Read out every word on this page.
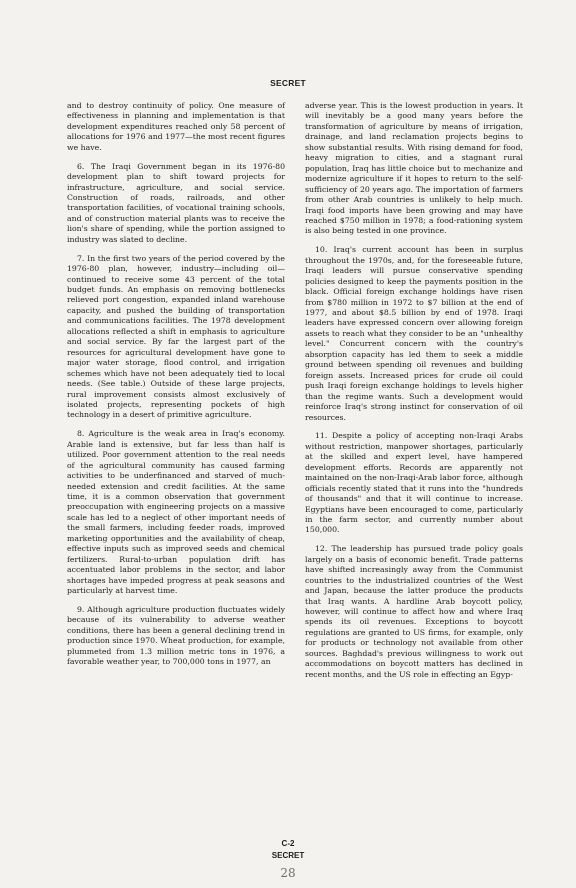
SECRET

and to destroy continuity of policy. One measure of effectiveness in planning and implementation is that development expenditures reached only 58 percent of allocations for 1976 and 1977—the most recent figures we have.

6. The Iraqi Government began in its 1976-80 development plan to shift toward projects for infrastructure, agriculture, and social service. Construction of roads, railroads, and other transportation facilities, of vocational training schools, and of construction material plants was to receive the lion's share of spending, while the portion assigned to industry was slated to decline.

7. In the first two years of the period covered by the 1976-80 plan, however, industry—including oil—continued to receive some 43 percent of the total budget funds. An emphasis on removing bottlenecks relieved port congestion, expanded inland warehouse capacity, and pushed the building of transportation and communications facilities. The 1978 development allocations reflected a shift in emphasis to agriculture and social service. By far the largest part of the resources for agricultural development have gone to major water storage, flood control, and irrigation schemes which have not been adequately tied to local needs. (See table.) Outside of these large projects, rural improvement consists almost exclusively of isolated projects, representing pockets of high technology in a desert of primitive agriculture.

8. Agriculture is the weak area in Iraq's economy. Arable land is extensive, but far less than half is utilized. Poor government attention to the real needs of the agricultural community has caused farming activities to be underfinanced and starved of much-needed extension and credit facilities. At the same time, it is a common observation that government preoccupation with engineering projects on a massive scale has led to a neglect of other important needs of the small farmers, including feeder roads, improved marketing opportunities and the availability of cheap, effective inputs such as improved seeds and chemical fertilizers. Rural-to-urban population drift has accentuated labor problems in the sector, and labor shortages have impeded progress at peak seasons and particularly at harvest time.

9. Although agriculture production fluctuates widely because of its vulnerability to adverse weather conditions, there has been a general declining trend in production since 1970. Wheat production, for example, plummeted from 1.3 million metric tons in 1976, a favorable weather year, to 700,000 tons in 1977, an

adverse year. This is the lowest production in years. It will inevitably be a good many years before the transformation of agriculture by means of irrigation, drainage, and land reclamation projects begins to show substantial results. With rising demand for food, heavy migration to cities, and a stagnant rural population, Iraq has little choice but to mechanize and modernize agriculture if it hopes to return to the self-sufficiency of 20 years ago. The importation of farmers from other Arab countries is unlikely to help much. Iraqi food imports have been growing and may have reached $750 million in 1978; a food-rationing system is also being tested in one province.

10. Iraq's current account has been in surplus throughout the 1970s, and, for the foreseeable future, Iraqi leaders will pursue conservative spending policies designed to keep the payments position in the black. Official foreign exchange holdings have risen from $780 million in 1972 to $7 billion at the end of 1977, and about $8.5 billion by end of 1978. Iraqi leaders have expressed concern over allowing foreign assets to reach what they consider to be an "unhealthy level." Concurrent concern with the country's absorption capacity has led them to seek a middle ground between spending oil revenues and building foreign assets. Increased prices for crude oil could push Iraqi foreign exchange holdings to levels higher than the regime wants. Such a development would reinforce Iraq's strong instinct for conservation of oil resources.

11. Despite a policy of accepting non-Iraqi Arabs without restriction, manpower shortages, particularly at the skilled and expert level, have hampered development efforts. Records are apparently not maintained on the non-Iraqi-Arab labor force, although officials recently stated that it runs into the "hundreds of thousands" and that it will continue to increase. Egyptians have been encouraged to come, particularly in the farm sector, and currently number about 150,000.

12. The leadership has pursued trade policy goals largely on a basis of economic benefit. Trade patterns have shifted increasingly away from the Communist countries to the industrialized countries of the West and Japan, because the latter produce the products that Iraq wants. A hardline Arab boycott policy, however, will continue to affect how and where Iraq spends its oil revenues. Exceptions to boycott regulations are granted to US firms, for example, only for products or technology not available from other sources. Baghdad's previous willingness to work out accommodations on boycott matters has declined in recent months, and the US role in effecting an Egyp-

C-2
SECRET
28
